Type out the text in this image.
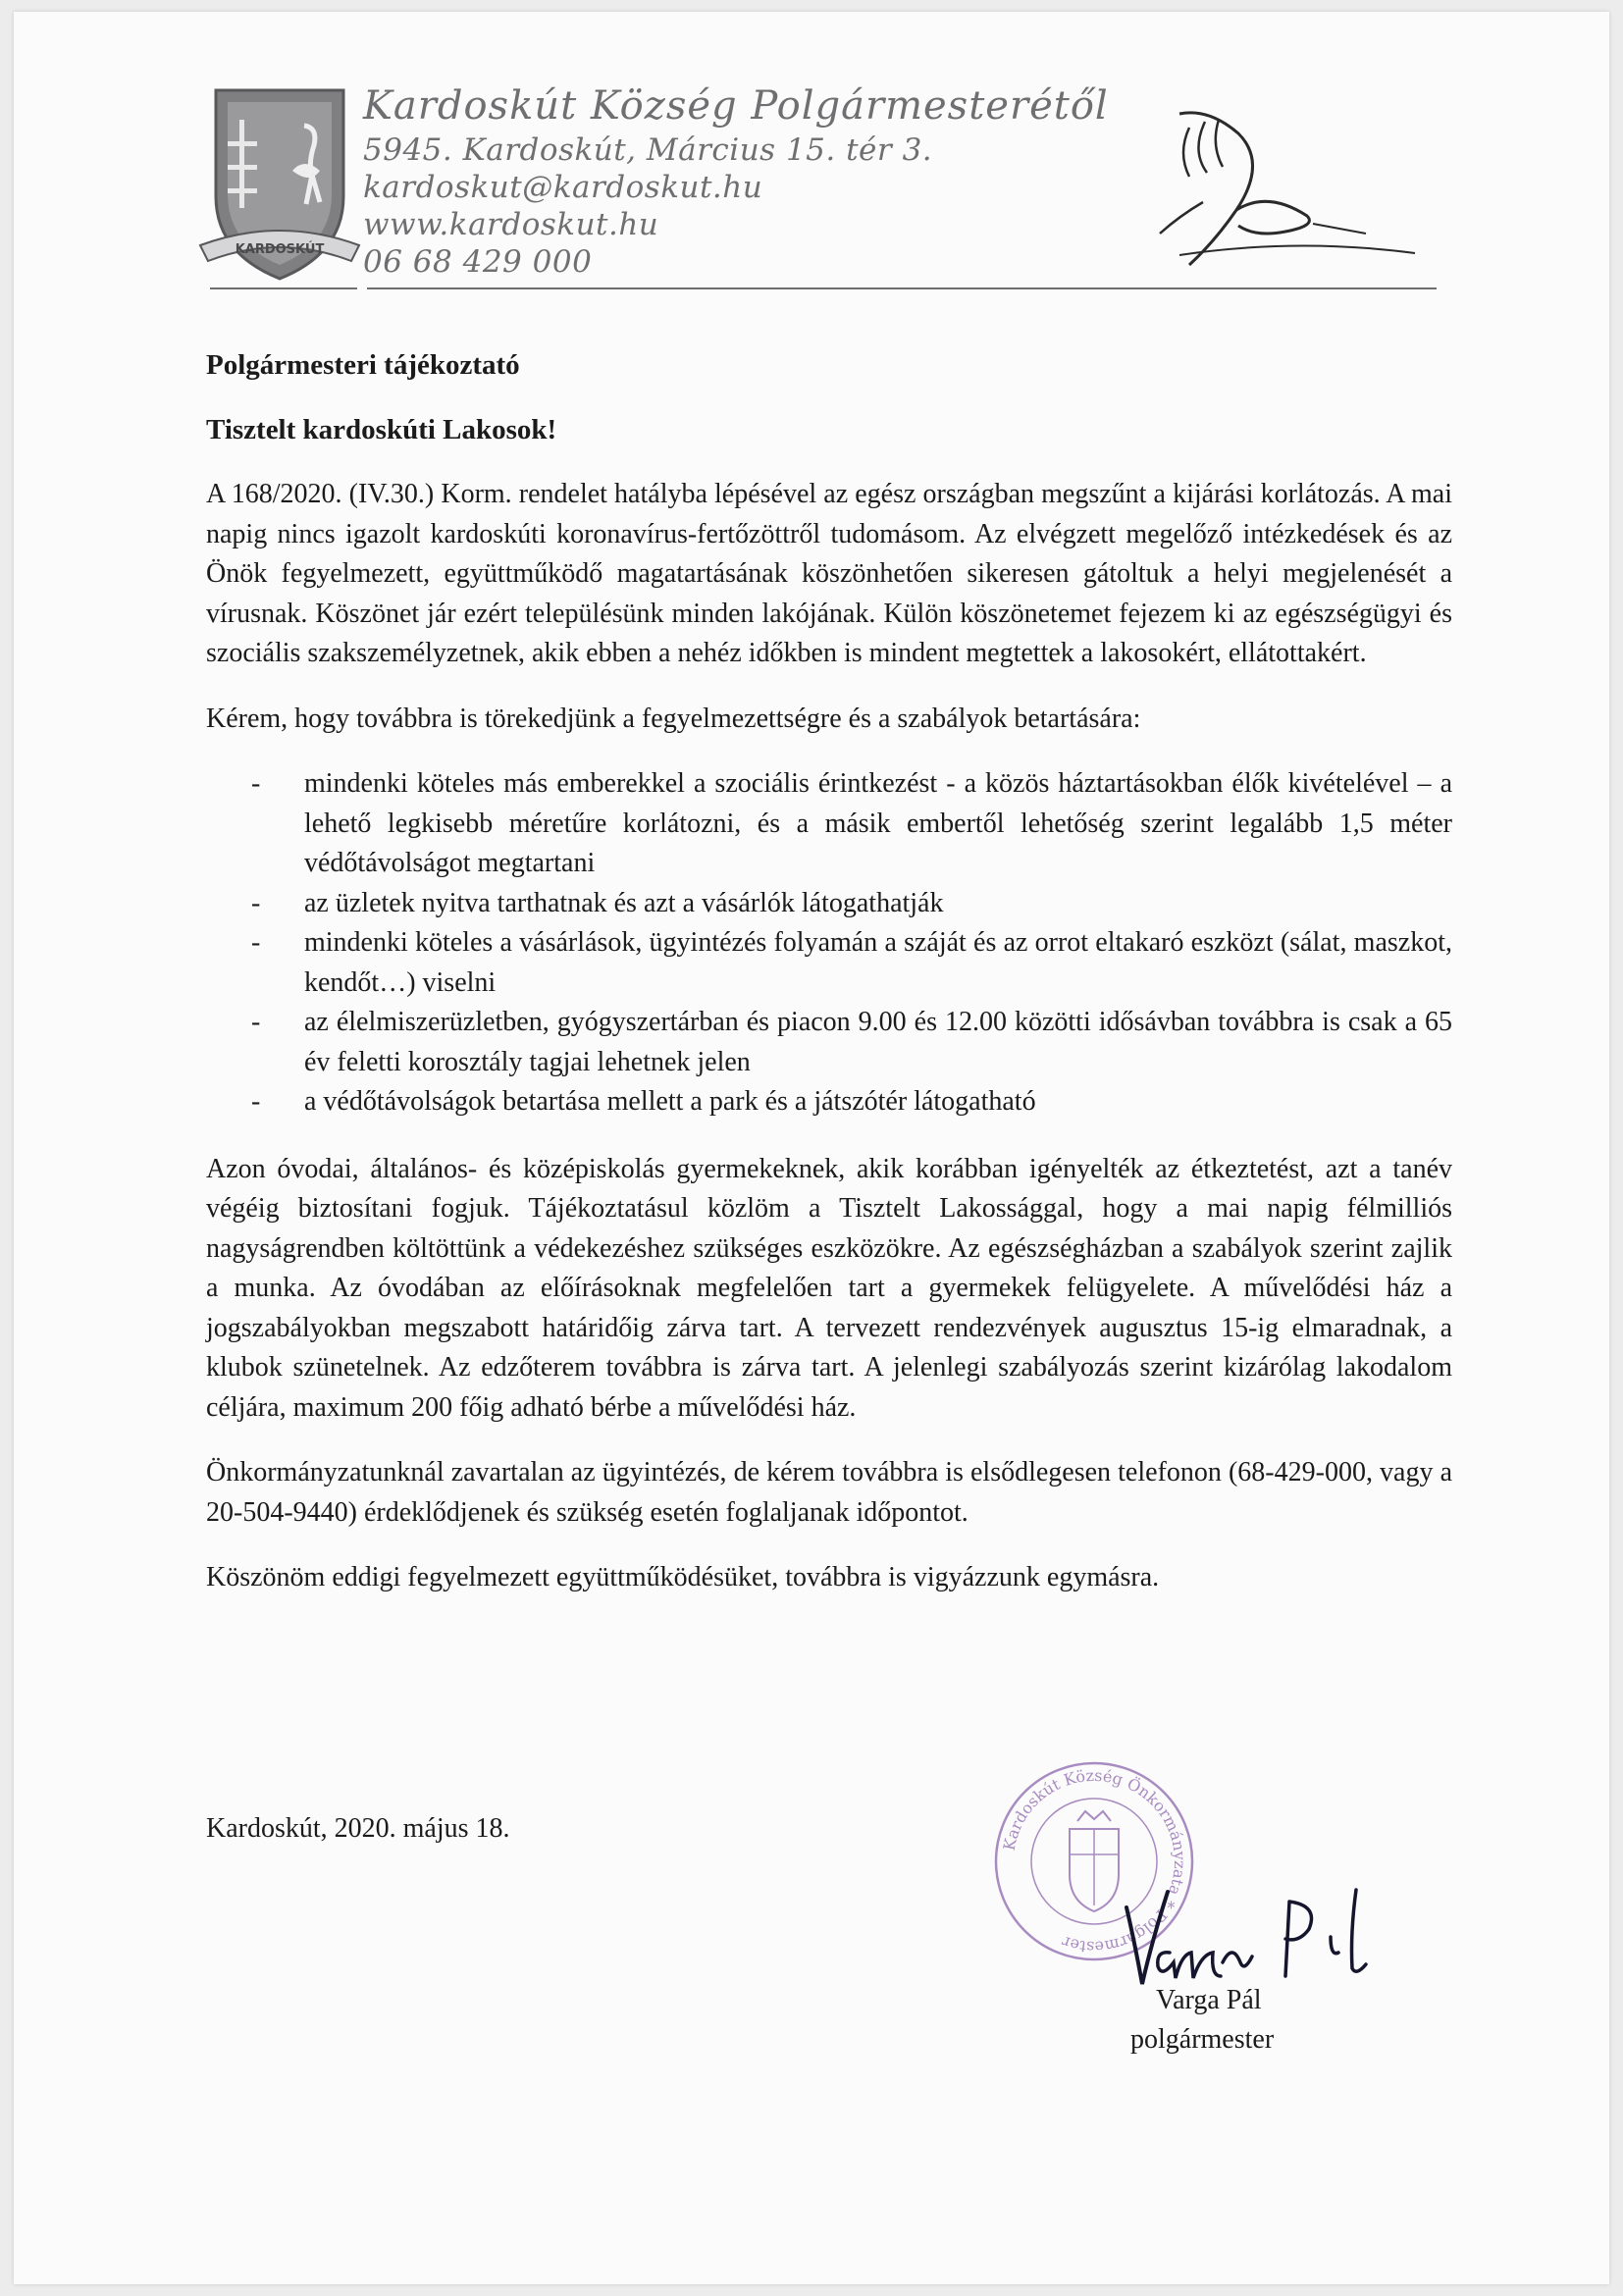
KARDOSKÚT
Kardoskút Község Polgármesterétől
5945. Kardoskút, Március 15. tér 3.
kardoskut@kardoskut.hu
www.kardoskut.hu
06 68 429 000
Polgármesteri tájékoztató
Tisztelt kardoskúti Lakosok!

A 168/2020. (IV.30.) Korm. rendelet hatályba lépésével az egész országban megszűnt a kijárási korlátozás. A mai napig nincs igazolt kardoskúti koronavírus-fertőzöttről tudomásom. Az elvégzett megelőző intézkedések és az Önök fegyelmezett, együttműködő magatartásának köszönhetően sikeresen gátoltuk a helyi megjelenését a vírusnak. Köszönet jár ezért településünk minden lakójának. Külön köszönetemet fejezem ki az egészségügyi és szociális szakszemélyzetnek, akik ebben a nehéz időkben is mindent megtettek a lakosokért, ellátottakért.

Kérem, hogy továbbra is törekedjünk a fegyelmezettségre és a szabályok betartására:

- mindenki köteles más emberekkel a szociális érintkezést - a közös háztartásokban élők kivételével – a lehető legkisebb méretűre korlátozni, és a másik embertől lehetőség szerint legalább 1,5 méter védőtávolságot megtartani
- az üzletek nyitva tarthatnak és azt a vásárlók látogathatják
- mindenki köteles a vásárlások, ügyintézés folyamán a száját és az orrot eltakaró eszközt (sálat, maszkot, kendőt…) viselni
- az élelmiszerüzletben, gyógyszertárban és piacon 9.00 és 12.00 közötti idősávban továbbra is csak a 65 év feletti korosztály tagjai lehetnek jelen
- a védőtávolságok betartása mellett a park és a játszótér látogatható

Azon óvodai, általános- és középiskolás gyermekeknek, akik korábban igényelték az étkeztetést, azt a tanév végéig biztosítani fogjuk. Tájékoztatásul közlöm a Tisztelt Lakossággal, hogy a mai napig félmilliós nagyságrendben költöttünk a védekezéshez szükséges eszközökre. Az egészségházban a szabályok szerint zajlik a munka. Az óvodában az előírásoknak megfelelően tart a gyermekek felügyelete. A művelődési ház a jogszabályokban megszabott határidőig zárva tart. A tervezett rendezvények augusztus 15-ig elmaradnak, a klubok szünetelnek. Az edzőterem továbbra is zárva tart. A jelenlegi szabályozás szerint kizárólag lakodalom céljára, maximum 200 főig adható bérbe a művelődési ház.

Önkormányzatunknál zavartalan az ügyintézés, de kérem továbbra is elsődlegesen telefonon (68-429-000, vagy a 20-504-9440) érdeklődjenek és szükség esetén foglaljanak időpontot.

Köszönöm eddigi fegyelmezett együttműködésüket, továbbra is vigyázzunk egymásra.

Kardoskút, 2020. május 18.
Kardoskút Község Önkormányzata * Polgármester
Varga Pál
polgármester
